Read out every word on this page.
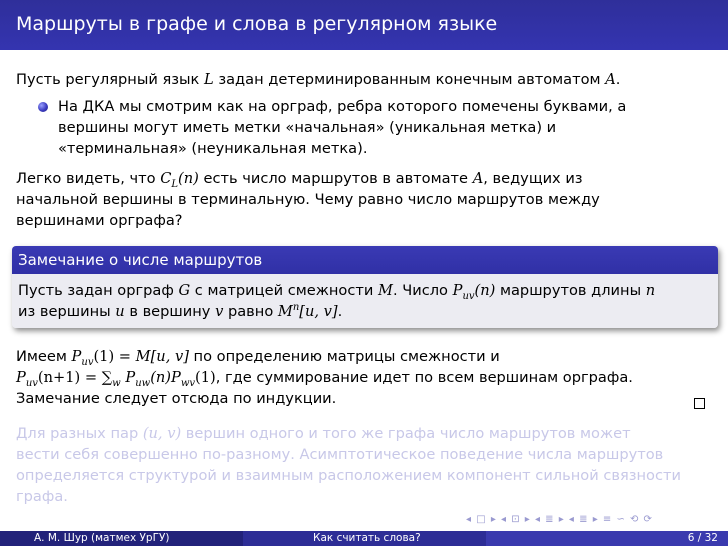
Маршруты в графе и слова в регулярном языке
Пусть регулярный язык L задан детерминированным конечным автоматом A.
На ДКА мы смотрим как на орграф, ребра которого помечены буквами, а
вершины могут иметь метки «начальная» (уникальная метка) и
«терминальная» (неуникальная метка).
Легко видеть, что $C_L(n)$ есть число маршрутов в автомате A, ведущих из
начальной вершины в терминальную. Чему равно число маршрутов между
вершинами орграфа?
Замечание о числе маршрутов
Пусть задан орграф G с матрицей смежности M. Число $P_{uv}(n)$ маршрутов длины n
из вершины u в вершину v равно $M^n[u$, v].
Имеем $P_{uv}(1) = M[u$, v] по определению матрицы смежности и
$P_{uv}(n+1) = \sum_w$ $P_{uw}(n)P_{wv}(1)$, где суммирование идет по всем вершинам орграфа.
Замечание следует отсюда по индукции.
Для разных пар (u, v) вершин одного и того же графа число маршрутов может
вести себя совершенно по-разному. Асимптотическое поведение числа маршрутов
определяется структурой и взаимным расположением компонент сильной связности
графа.
◂ □ ▸ ◂ ⊡ ▸ ◂ ≣ ▸ ◂ ≣ ▸ ≡ ∽ ⟲ ⟳
А. М. Шур (матмех УрГУ)	Как считать слова?	6 / 32
